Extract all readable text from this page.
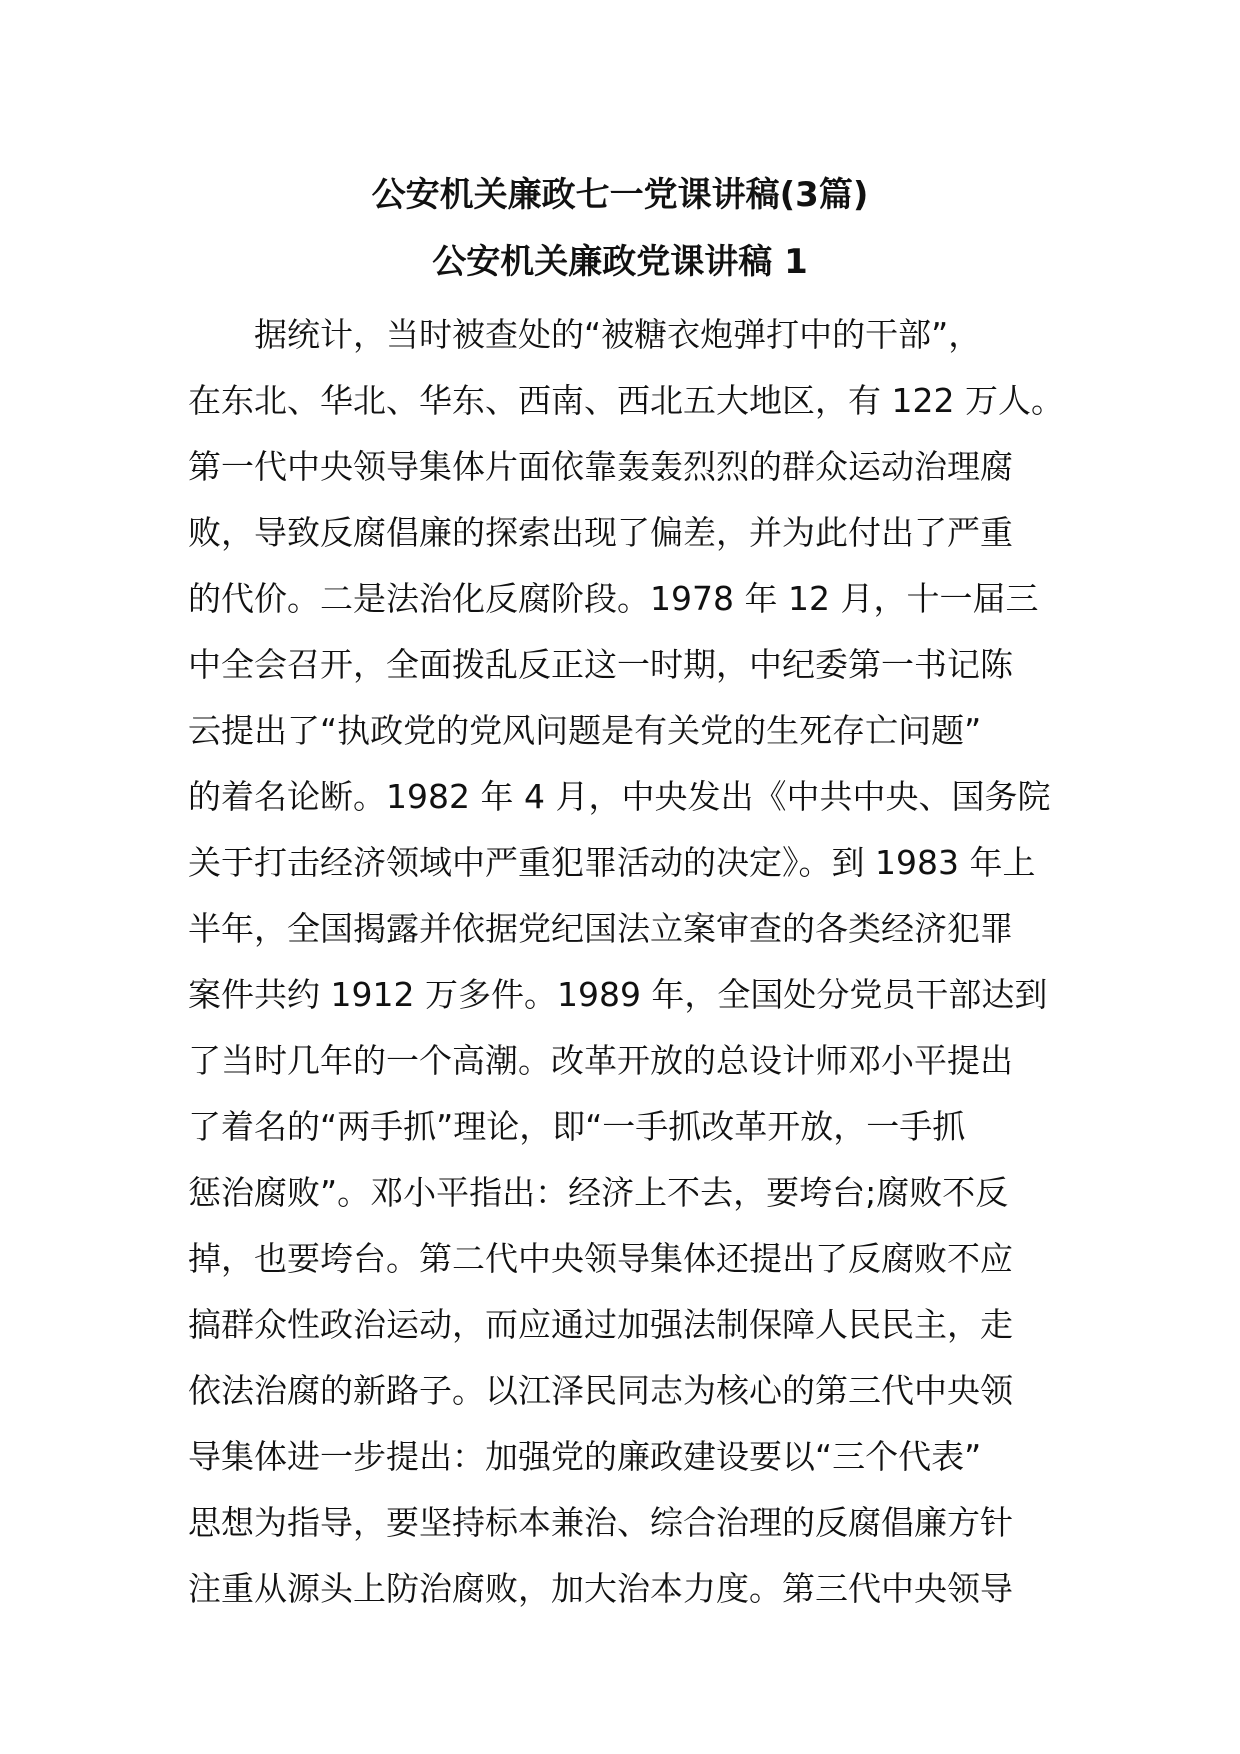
公安机关廉政七一党课讲稿(3篇)
公安机关廉政党课讲稿 1
据统计，当时被查处的“被糖衣炮弹打中的干部”，
在东北、华北、华东、西南、西北五大地区，有 122 万人。
第一代中央领导集体片面依靠轰轰烈烈的群众运动治理腐
败，导致反腐倡廉的探索出现了偏差，并为此付出了严重
的代价。二是法治化反腐阶段。1978 年 12 月，十一届三
中全会召开，全面拨乱反正这一时期，中纪委第一书记陈
云提出了“执政党的党风问题是有关党的生死存亡问题”
的着名论断。1982 年 4 月，中央发出《中共中央、国务院
关于打击经济领域中严重犯罪活动的决定》。到 1983 年上
半年，全国揭露并依据党纪国法立案审查的各类经济犯罪
案件共约 1912 万多件。1989 年，全国处分党员干部达到
了当时几年的一个高潮。改革开放的总设计师邓小平提出
了着名的“两手抓”理论，即“一手抓改革开放，一手抓
惩治腐败”。邓小平指出：经济上不去，要垮台;腐败不反
掉，也要垮台。第二代中央领导集体还提出了反腐败不应
搞群众性政治运动，而应通过加强法制保障人民民主，走
依法治腐的新路子。以江泽民同志为核心的第三代中央领
导集体进一步提出：加强党的廉政建设要以“三个代表”
思想为指导，要坚持标本兼治、综合治理的反腐倡廉方针
注重从源头上防治腐败，加大治本力度。第三代中央领导
